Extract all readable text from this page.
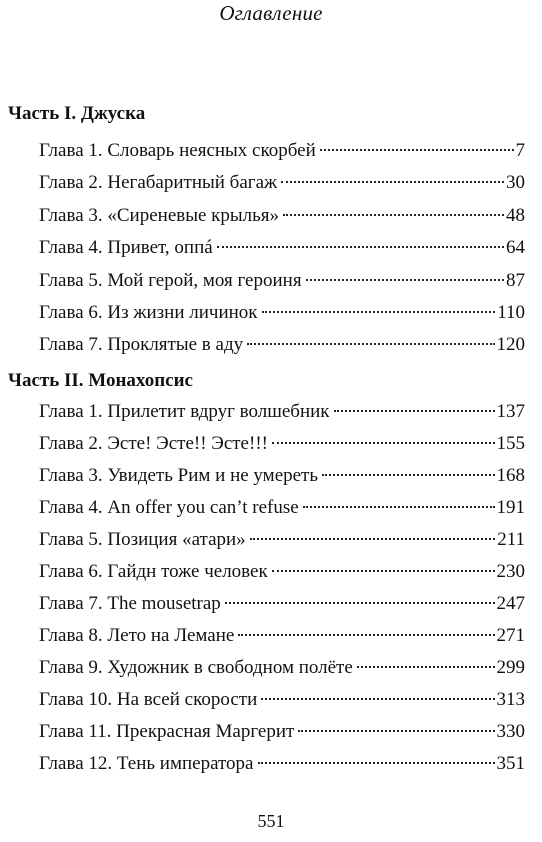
Оглавление
Часть I. Джуска
Глава 1. Словарь неясных скорбей	7
Глава 2. Негабаритный багаж	30
Глава 3. «Сиреневые крылья»	48
Глава 4. Привет, оппá	64
Глава 5. Мой герой, моя героиня	87
Глава 6. Из жизни личинок	110
Глава 7. Проклятые в аду	120
Часть II. Монахопсис
Глава 1. Прилетит вдруг волшебник	137
Глава 2. Эсте! Эсте!! Эсте!!!	155
Глава 3. Увидеть Рим и не умереть	168
Глава 4. An offer you can’t refuse	191
Глава 5. Позиция «атари»	211
Глава 6. Гайдн тоже человек	230
Глава 7. The mousetrap	247
Глава 8. Лето на Лемане	271
Глава 9. Художник в свободном полёте	299
Глава 10. На всей скорости	313
Глава 11. Прекрасная Маргерит	330
Глава 12. Тень императора	351
551
